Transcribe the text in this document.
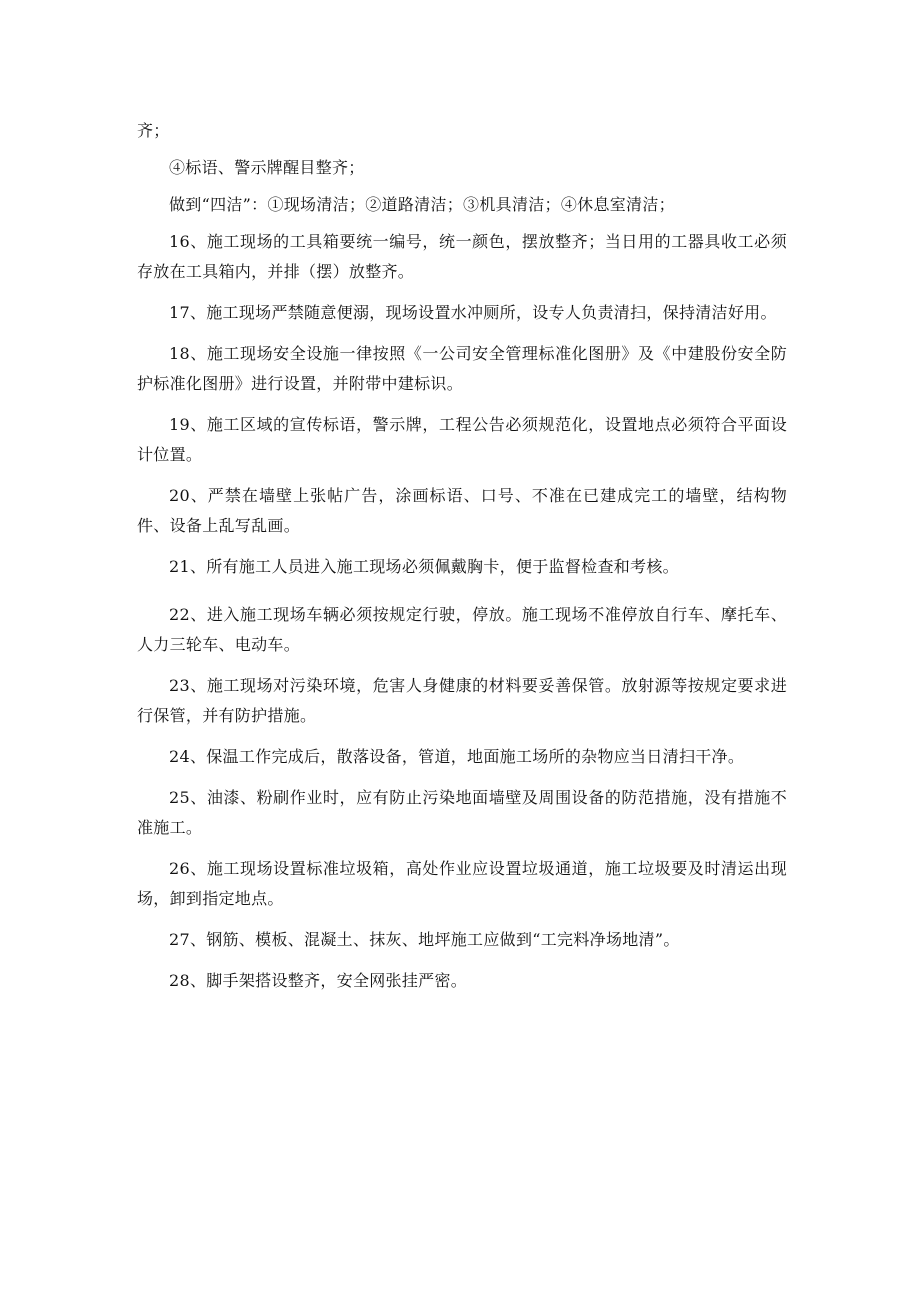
齐；

④标语、警示牌醒目整齐；

做到“四洁”：①现场清洁；②道路清洁；③机具清洁；④休息室清洁；

16、施工现场的工具箱要统一编号，统一颜色，摆放整齐；当日用的工器具收工必须存放在工具箱内，并排（摆）放整齐。

17、施工现场严禁随意便溺，现场设置水冲厕所，设专人负责清扫，保持清洁好用。

18、施工现场安全设施一律按照《一公司安全管理标准化图册》及《中建股份安全防护标准化图册》进行设置，并附带中建标识。

19、施工区域的宣传标语，警示牌，工程公告必须规范化，设置地点必须符合平面设计位置。

20、严禁在墙壁上张帖广告，涂画标语、口号、不准在已建成完工的墙壁，结构物件、设备上乱写乱画。

21、所有施工人员进入施工现场必须佩戴胸卡，便于监督检查和考核。

22、进入施工现场车辆必须按规定行驶，停放。施工现场不准停放自行车、摩托车、人力三轮车、电动车。

23、施工现场对污染环境，危害人身健康的材料要妥善保管。放射源等按规定要求进行保管，并有防护措施。

24、保温工作完成后，散落设备，管道，地面施工场所的杂物应当日清扫干净。

25、油漆、粉刷作业时，应有防止污染地面墙壁及周围设备的防范措施，没有措施不准施工。

26、施工现场设置标准垃圾箱，高处作业应设置垃圾通道，施工垃圾要及时清运出现场，卸到指定地点。

27、钢筋、模板、混凝土、抹灰、地坪施工应做到“工完料净场地清”。

28、脚手架搭设整齐，安全网张挂严密。
